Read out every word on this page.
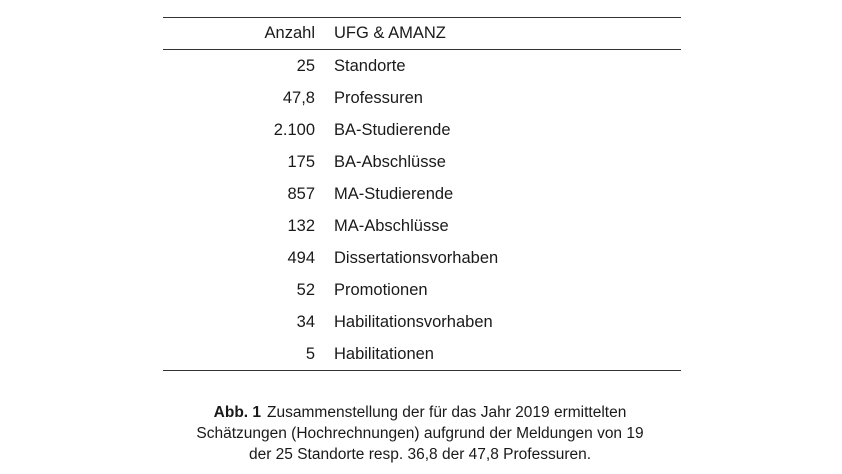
Anzahl	UFG & AMANZ
25	Standorte
47,8	Professuren
2.100	BA-Studierende
175	BA-Abschlüsse
857	MA-Studierende
132	MA-Abschlüsse
494	Dissertationsvorhaben
52	Promotionen
34	Habilitationsvorhaben
5	Habilitationen
Abb. 1 Zusammenstellung der für das Jahr 2019 ermittelten
Schätzungen (Hochrechnungen) aufgrund der Meldungen von 19
der 25 Standorte resp. 36,8 der 47,8 Professuren.
